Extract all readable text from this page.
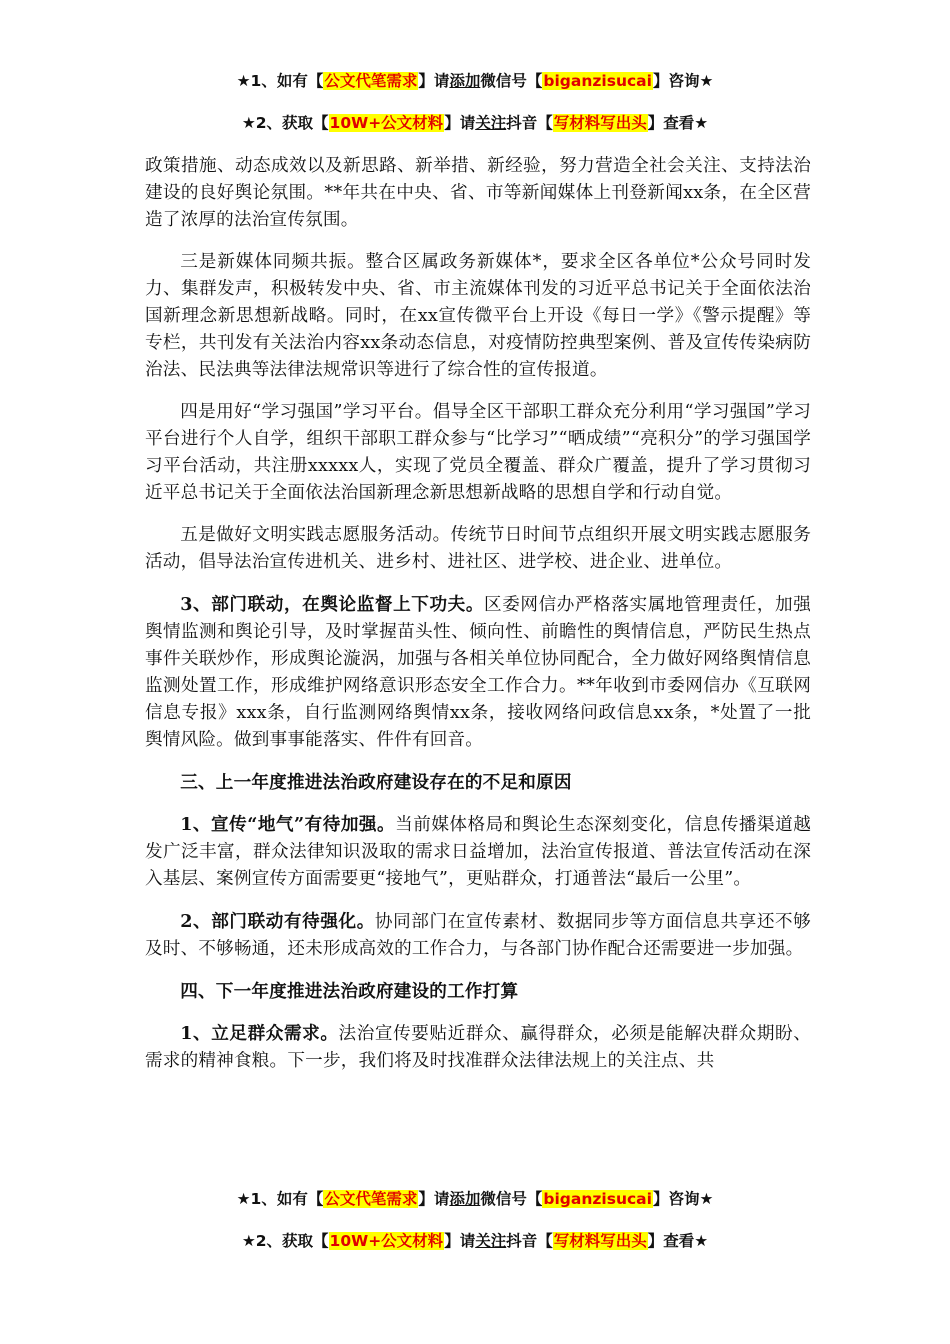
★1、如有【公文代笔需求】请添加微信号【biganzisucai】咨询★
★2、获取【10W+公文材料】请关注抖音【写材料写出头】查看★

政策措施、动态成效以及新思路、新举措、新经验，努力营造全社会关注、支持法治建设的良好舆论氛围。**年共在中央、省、市等新闻媒体上刊登新闻xx条，在全区营造了浓厚的法治宣传氛围。

三是新媒体同频共振。整合区属政务新媒体*，要求全区各单位*公众号同时发力、集群发声，积极转发中央、省、市主流媒体刊发的习近平总书记关于全面依法治国新理念新思想新战略。同时，在xx宣传微平台上开设《每日一学》《警示提醒》等专栏，共刊发有关法治内容xx条动态信息，对疫情防控典型案例、普及宣传传染病防治法、民法典等法律法规常识等进行了综合性的宣传报道。

四是用好“学习强国”学习平台。倡导全区干部职工群众充分利用“学习强国”学习平台进行个人自学，组织干部职工群众参与“比学习”“晒成绩”“亮积分”的学习强国学习平台活动，共注册xxxxx人，实现了党员全覆盖、群众广覆盖，提升了学习贯彻习近平总书记关于全面依法治国新理念新思想新战略的思想自学和行动自觉。

五是做好文明实践志愿服务活动。传统节日时间节点组织开展文明实践志愿服务活动，倡导法治宣传进机关、进乡村、进社区、进学校、进企业、进单位。

3、部门联动，在舆论监督上下功夫。区委网信办严格落实属地管理责任，加强舆情监测和舆论引导，及时掌握苗头性、倾向性、前瞻性的舆情信息，严防民生热点事件关联炒作，形成舆论漩涡，加强与各相关单位协同配合，全力做好网络舆情信息监测处置工作，形成维护网络意识形态安全工作合力。**年收到市委网信办《互联网信息专报》xxx条，自行监测网络舆情xx条，接收网络问政信息xx条，*处置了一批舆情风险。做到事事能落实、件件有回音。

三、上一年度推进法治政府建设存在的不足和原因

1、宣传“地气”有待加强。当前媒体格局和舆论生态深刻变化，信息传播渠道越发广泛丰富，群众法律知识汲取的需求日益增加，法治宣传报道、普法宣传活动在深入基层、案例宣传方面需要更“接地气”，更贴群众，打通普法“最后一公里”。

2、部门联动有待强化。协同部门在宣传素材、数据同步等方面信息共享还不够及时、不够畅通，还未形成高效的工作合力，与各部门协作配合还需要进一步加强。

四、下一年度推进法治政府建设的工作打算

1、立足群众需求。法治宣传要贴近群众、赢得群众，必须是能解决群众期盼、需求的精神食粮。下一步，我们将及时找准群众法律法规上的关注点、共

★1、如有【公文代笔需求】请添加微信号【biganzisucai】咨询★
★2、获取【10W+公文材料】请关注抖音【写材料写出头】查看★
